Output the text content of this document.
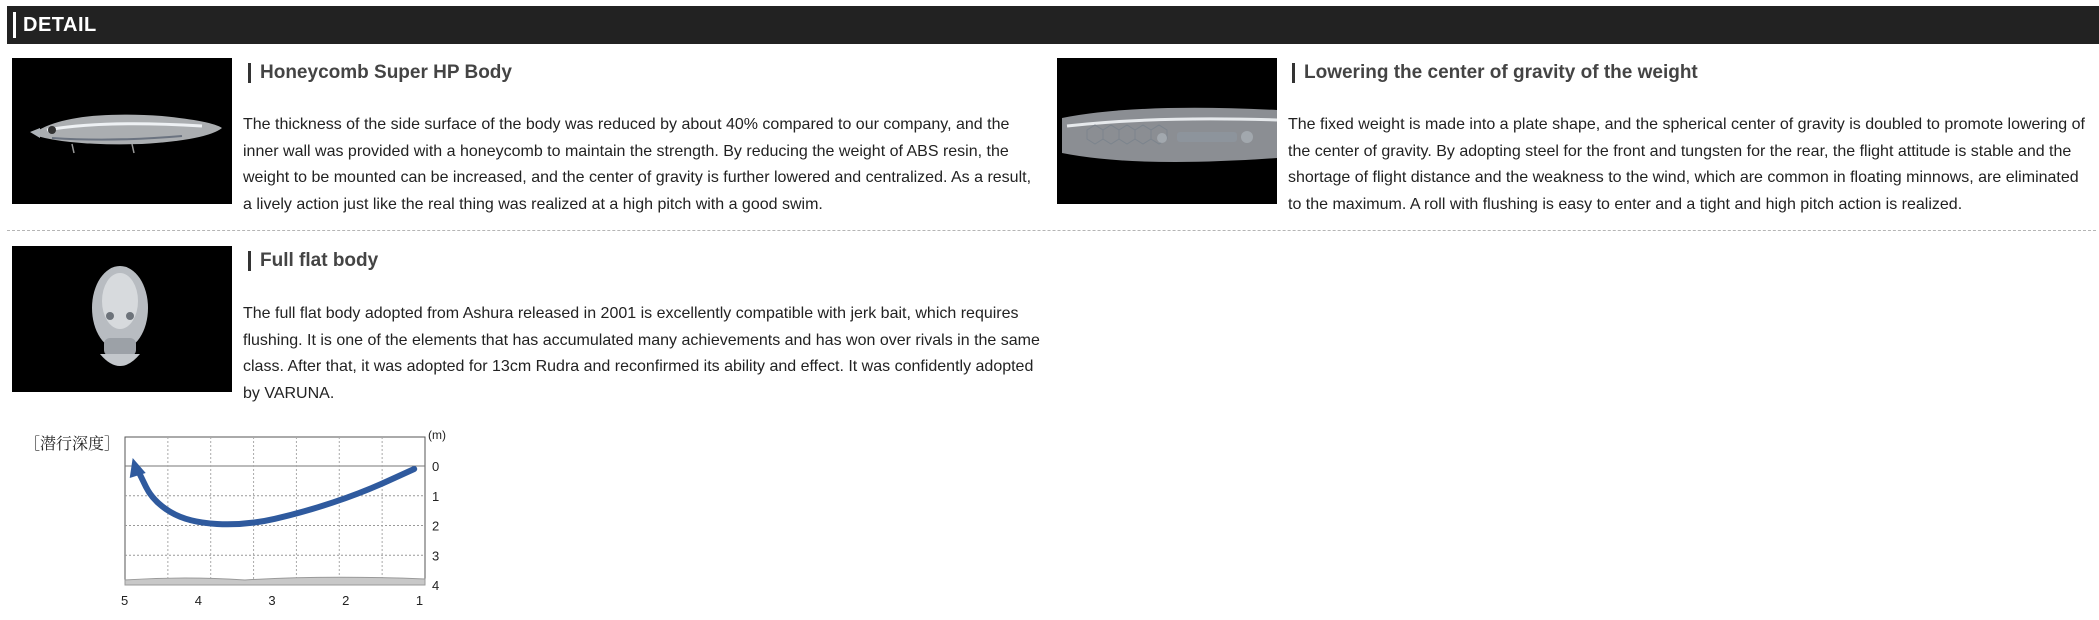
DETAIL
Honeycomb Super HP Body
The thickness of the side surface of the body was reduced by about 40% compared to our company, and the inner wall was provided with a honeycomb to maintain the strength. By reducing the weight of ABS resin, the weight to be mounted can be increased, and the center of gravity is further lowered and centralized. As a result, a lively action just like the real thing was realized at a high pitch with a good swim.
Lowering the center of gravity of the weight
The fixed weight is made into a plate shape, and the spherical center of gravity is doubled to promote lowering of the center of gravity. By adopting steel for the front and tungsten for the rear, the flight attitude is stable and the shortage of flight distance and the weakness to the wind, which are common in floating minnows, are eliminated to the maximum. A roll with flushing is easy to enter and a tight and high pitch action is realized.
Full flat body
The full flat body adopted from Ashura released in 2001 is excellently compatible with jerk bait, which requires flushing. It is one of the elements that has accumulated many achievements and has won over rivals in the same class. After that, it was adopted for 13cm Rudra and reconfirmed its ability and effect. It was confidently adopted by VARUNA.
［潜行深度］
(m)
0
1
2
3
4
5	4	3	2	1
